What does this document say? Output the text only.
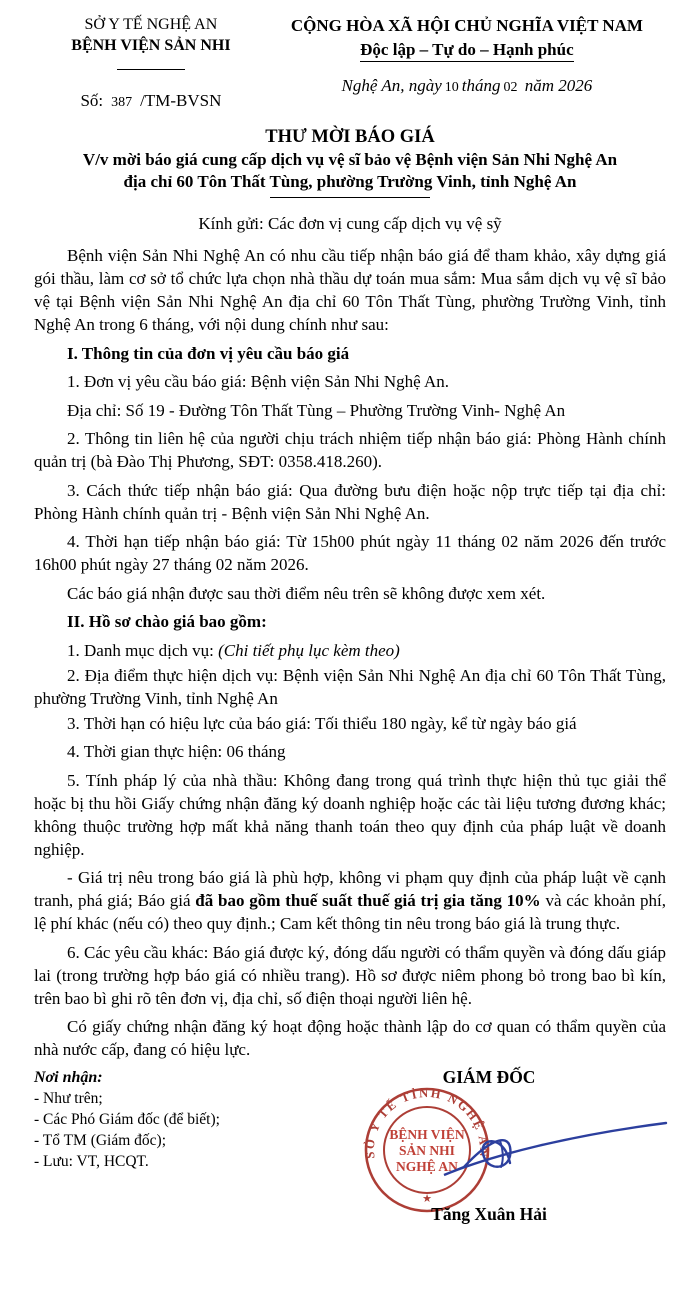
SỞ Y TẾ NGHỆ AN
BỆNH VIỆN SẢN NHI
Số: 387 /TM-BVSN
CỘNG HÒA XÃ HỘI CHỦ NGHĨA VIỆT NAM
Độc lập – Tự do – Hạnh phúc
Nghệ An, ngày 10 tháng 02 năm 2026
THƯ MỜI BÁO GIÁ
V/v mời báo giá cung cấp dịch vụ vệ sĩ bảo vệ Bệnh viện Sản Nhi Nghệ An
địa chỉ 60 Tôn Thất Tùng, phường Trường Vinh, tỉnh Nghệ An
Kính gửi: Các đơn vị cung cấp dịch vụ vệ sỹ

Bệnh viện Sản Nhi Nghệ An có nhu cầu tiếp nhận báo giá để tham khảo, xây dựng giá gói thầu, làm cơ sở tổ chức lựa chọn nhà thầu dự toán mua sắm: Mua sắm dịch vụ vệ sĩ bảo vệ tại Bệnh viện Sản Nhi Nghệ An địa chỉ 60 Tôn Thất Tùng, phường Trường Vinh, tỉnh Nghệ An trong 6 tháng, với nội dung chính như sau:

I. Thông tin của đơn vị yêu cầu báo giá

1. Đơn vị yêu cầu báo giá: Bệnh viện Sản Nhi Nghệ An.

Địa chỉ: Số 19 - Đường Tôn Thất Tùng – Phường Trường Vinh- Nghệ An

2. Thông tin liên hệ của người chịu trách nhiệm tiếp nhận báo giá: Phòng Hành chính quản trị (bà Đào Thị Phương, SĐT: 0358.418.260).

3. Cách thức tiếp nhận báo giá: Qua đường bưu điện hoặc nộp trực tiếp tại địa chỉ: Phòng Hành chính quản trị - Bệnh viện Sản Nhi Nghệ An.

4. Thời hạn tiếp nhận báo giá: Từ 15h00 phút ngày 11 tháng 02 năm 2026 đến trước 16h00 phút ngày 27 tháng 02 năm 2026.

Các báo giá nhận được sau thời điểm nêu trên sẽ không được xem xét.

II. Hồ sơ chào giá bao gồm:

1. Danh mục dịch vụ: (Chi tiết phụ lục kèm theo)

2. Địa điểm thực hiện dịch vụ: Bệnh viện Sản Nhi Nghệ An địa chỉ 60 Tôn Thất Tùng, phường Trường Vinh, tỉnh Nghệ An

3. Thời hạn có hiệu lực của báo giá: Tối thiểu 180 ngày, kể từ ngày báo giá

4. Thời gian thực hiện: 06 tháng

5. Tính pháp lý của nhà thầu: Không đang trong quá trình thực hiện thủ tục giải thể hoặc bị thu hồi Giấy chứng nhận đăng ký doanh nghiệp hoặc các tài liệu tương đương khác; không thuộc trường hợp mất khả năng thanh toán theo quy định của pháp luật về doanh nghiệp.

- Giá trị nêu trong báo giá là phù hợp, không vi phạm quy định của pháp luật về cạnh tranh, phá giá; Báo giá đã bao gồm thuế suất thuế giá trị gia tăng 10% và các khoản phí, lệ phí khác (nếu có) theo quy định.; Cam kết thông tin nêu trong báo giá là trung thực.

6. Các yêu cầu khác: Báo giá được ký, đóng dấu người có thẩm quyền và đóng dấu giáp lai (trong trường hợp báo giá có nhiều trang). Hồ sơ được niêm phong bỏ trong bao bì kín, trên bao bì ghi rõ tên đơn vị, địa chỉ, số điện thoại người liên hệ.

Có giấy chứng nhận đăng ký hoạt động hoặc thành lập do cơ quan có thẩm quyền của nhà nước cấp, đang có hiệu lực.

Nơi nhận:
- Như trên;
- Các Phó Giám đốc (để biết);
- Tổ TM (Giám đốc);
- Lưu: VT, HCQT.
GIÁM ĐỐC
SỞ Y TẾ TỈNH NGHỆ AN
BỆNH VIỆN
SẢN NHI
NGHỆ AN
★
Tăng Xuân Hải
